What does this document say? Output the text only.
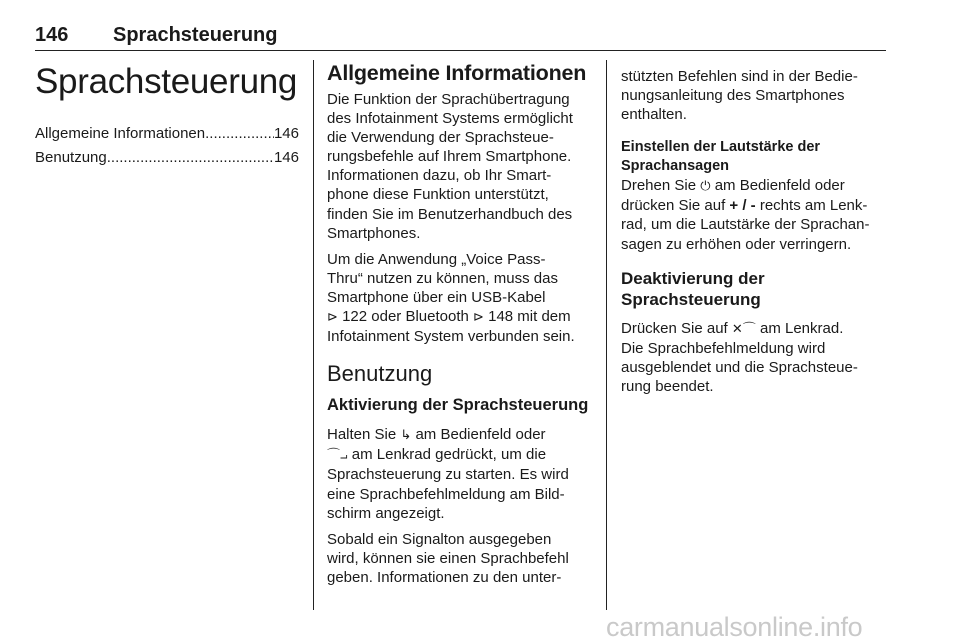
146 Sprachsteuerung
Sprachsteuerung
Allgemeine Informationen .....	146
Benutzung .....	146
Allgemeine Informationen
Die Funktion der Sprachübertragung
des Infotainment Systems ermöglicht
die Verwendung der Sprachsteue-
rungsbefehle auf Ihrem Smartphone.
Informationen dazu, ob Ihr Smart-
phone diese Funktion unterstützt,
finden Sie im Benutzerhandbuch des
Smartphones.
Um die Anwendung „Voice Pass-
Thru“ nutzen zu können, muss das
Smartphone über ein USB-Kabel
⊳ 122 oder Bluetooth ⊳ 148 mit dem
Infotainment System verbunden sein.
Benutzung
Aktivierung der Sprachsteuerung
Halten Sie ↳ am Bedienfeld oder
⌒⨼ am Lenkrad gedrückt, um die
Sprachsteuerung zu starten. Es wird
eine Sprachbefehlmeldung am Bild-
schirm angezeigt.
Sobald ein Signalton ausgegeben
wird, können sie einen Sprachbefehl
geben. Informationen zu den unter-
stützten Befehlen sind in der Bedie-
nungsanleitung des Smartphones
enthalten.
Einstellen der Lautstärke der
Sprachansagen
Drehen Sie ⏻ am Bedienfeld oder
drücken Sie auf + / - rechts am Lenk-
rad, um die Lautstärke der Sprachan-
sagen zu erhöhen oder verringern.
Deaktivierung der
Sprachsteuerung
Drücken Sie auf ✕⌒ am Lenkrad.
Die Sprachbefehlmeldung wird
ausgeblendet und die Sprachsteue-
rung beendet.
carmanualsonline.info
